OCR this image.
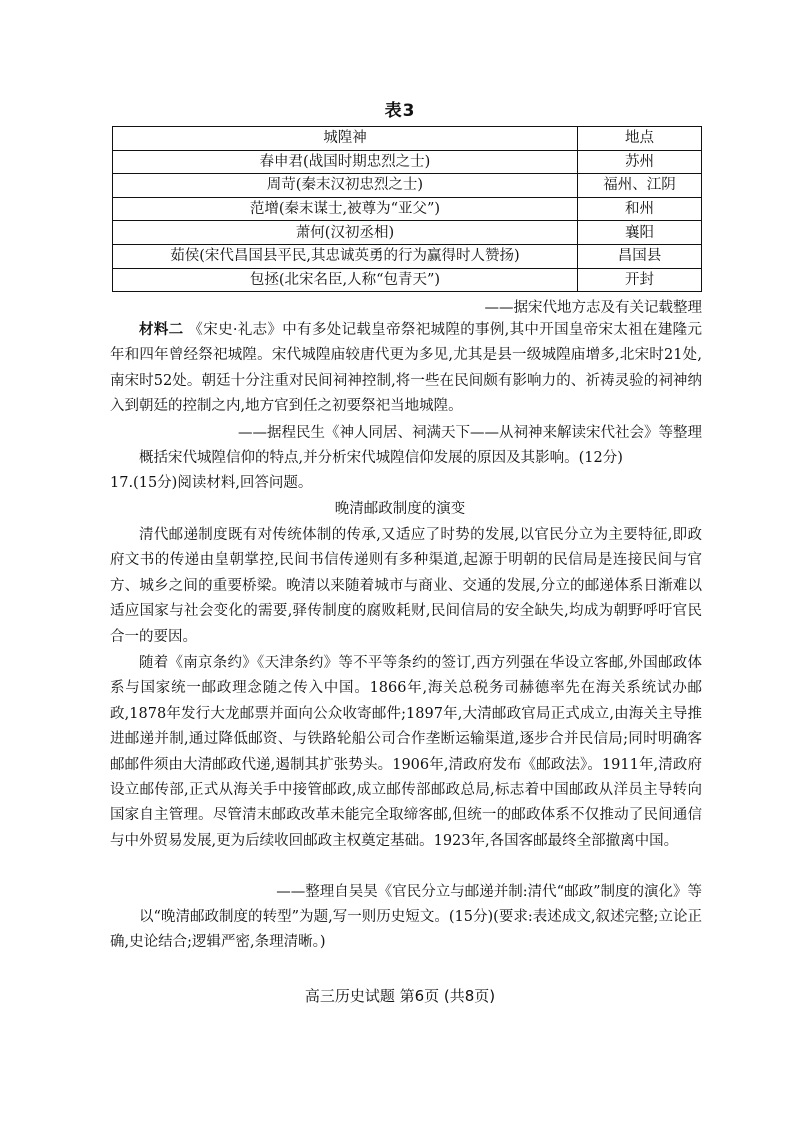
表3
城隍神	地点
春申君(战国时期忠烈之士)	苏州
周苛(秦末汉初忠烈之士)	福州、江阴
范增(秦末谋士,被尊为“亚父”)	和州
萧何(汉初丞相)	襄阳
茹侯(宋代昌国县平民,其忠诚英勇的行为赢得时人赞扬)	昌国县
包拯(北宋名臣,人称“包青天”)	开封
——据宋代地方志及有关记载整理
材料二 《宋史·礼志》中有多处记载皇帝祭祀城隍的事例,其中开国皇帝宋太祖在建隆元年和四年曾经祭祀城隍。宋代城隍庙较唐代更为多见,尤其是县一级城隍庙增多,北宋时21处,南宋时52处。朝廷十分注重对民间祠神控制,将一些在民间颇有影响力的、祈祷灵验的祠神纳入到朝廷的控制之内,地方官到任之初要祭祀当地城隍。
——据程民生《神人同居、祠满天下——从祠神来解读宋代社会》等整理
概括宋代城隍信仰的特点,并分析宋代城隍信仰发展的原因及其影响。(12分)
17.(15分)阅读材料,回答问题。
晚清邮政制度的演变
清代邮递制度既有对传统体制的传承,又适应了时势的发展,以官民分立为主要特征,即政府文书的传递由皇朝掌控,民间书信传递则有多种渠道,起源于明朝的民信局是连接民间与官方、城乡之间的重要桥梁。晚清以来随着城市与商业、交通的发展,分立的邮递体系日渐难以适应国家与社会变化的需要,驿传制度的腐败耗财,民间信局的安全缺失,均成为朝野呼吁官民合一的要因。
随着《南京条约》《天津条约》等不平等条约的签订,西方列强在华设立客邮,外国邮政体系与国家统一邮政理念随之传入中国。1866年,海关总税务司赫德率先在海关系统试办邮政,1878年发行大龙邮票并面向公众收寄邮件;1897年,大清邮政官局正式成立,由海关主导推进邮递并制,通过降低邮资、与铁路轮船公司合作垄断运输渠道,逐步合并民信局;同时明确客邮邮件须由大清邮政代递,遏制其扩张势头。1906年,清政府发布《邮政法》。1911年,清政府设立邮传部,正式从海关手中接管邮政,成立邮传部邮政总局,标志着中国邮政从洋员主导转向国家自主管理。尽管清末邮政改革未能完全取缔客邮,但统一的邮政体系不仅推动了民间通信与中外贸易发展,更为后续收回邮政主权奠定基础。1923年,各国客邮最终全部撤离中国。
——整理自吴昊《官民分立与邮递并制:清代“邮政”制度的演化》等
以“晚清邮政制度的转型”为题,写一则历史短文。(15分)(要求:表述成文,叙述完整;立论正确,史论结合;逻辑严密,条理清晰。)
高三历史试题 第6页 (共8页)
